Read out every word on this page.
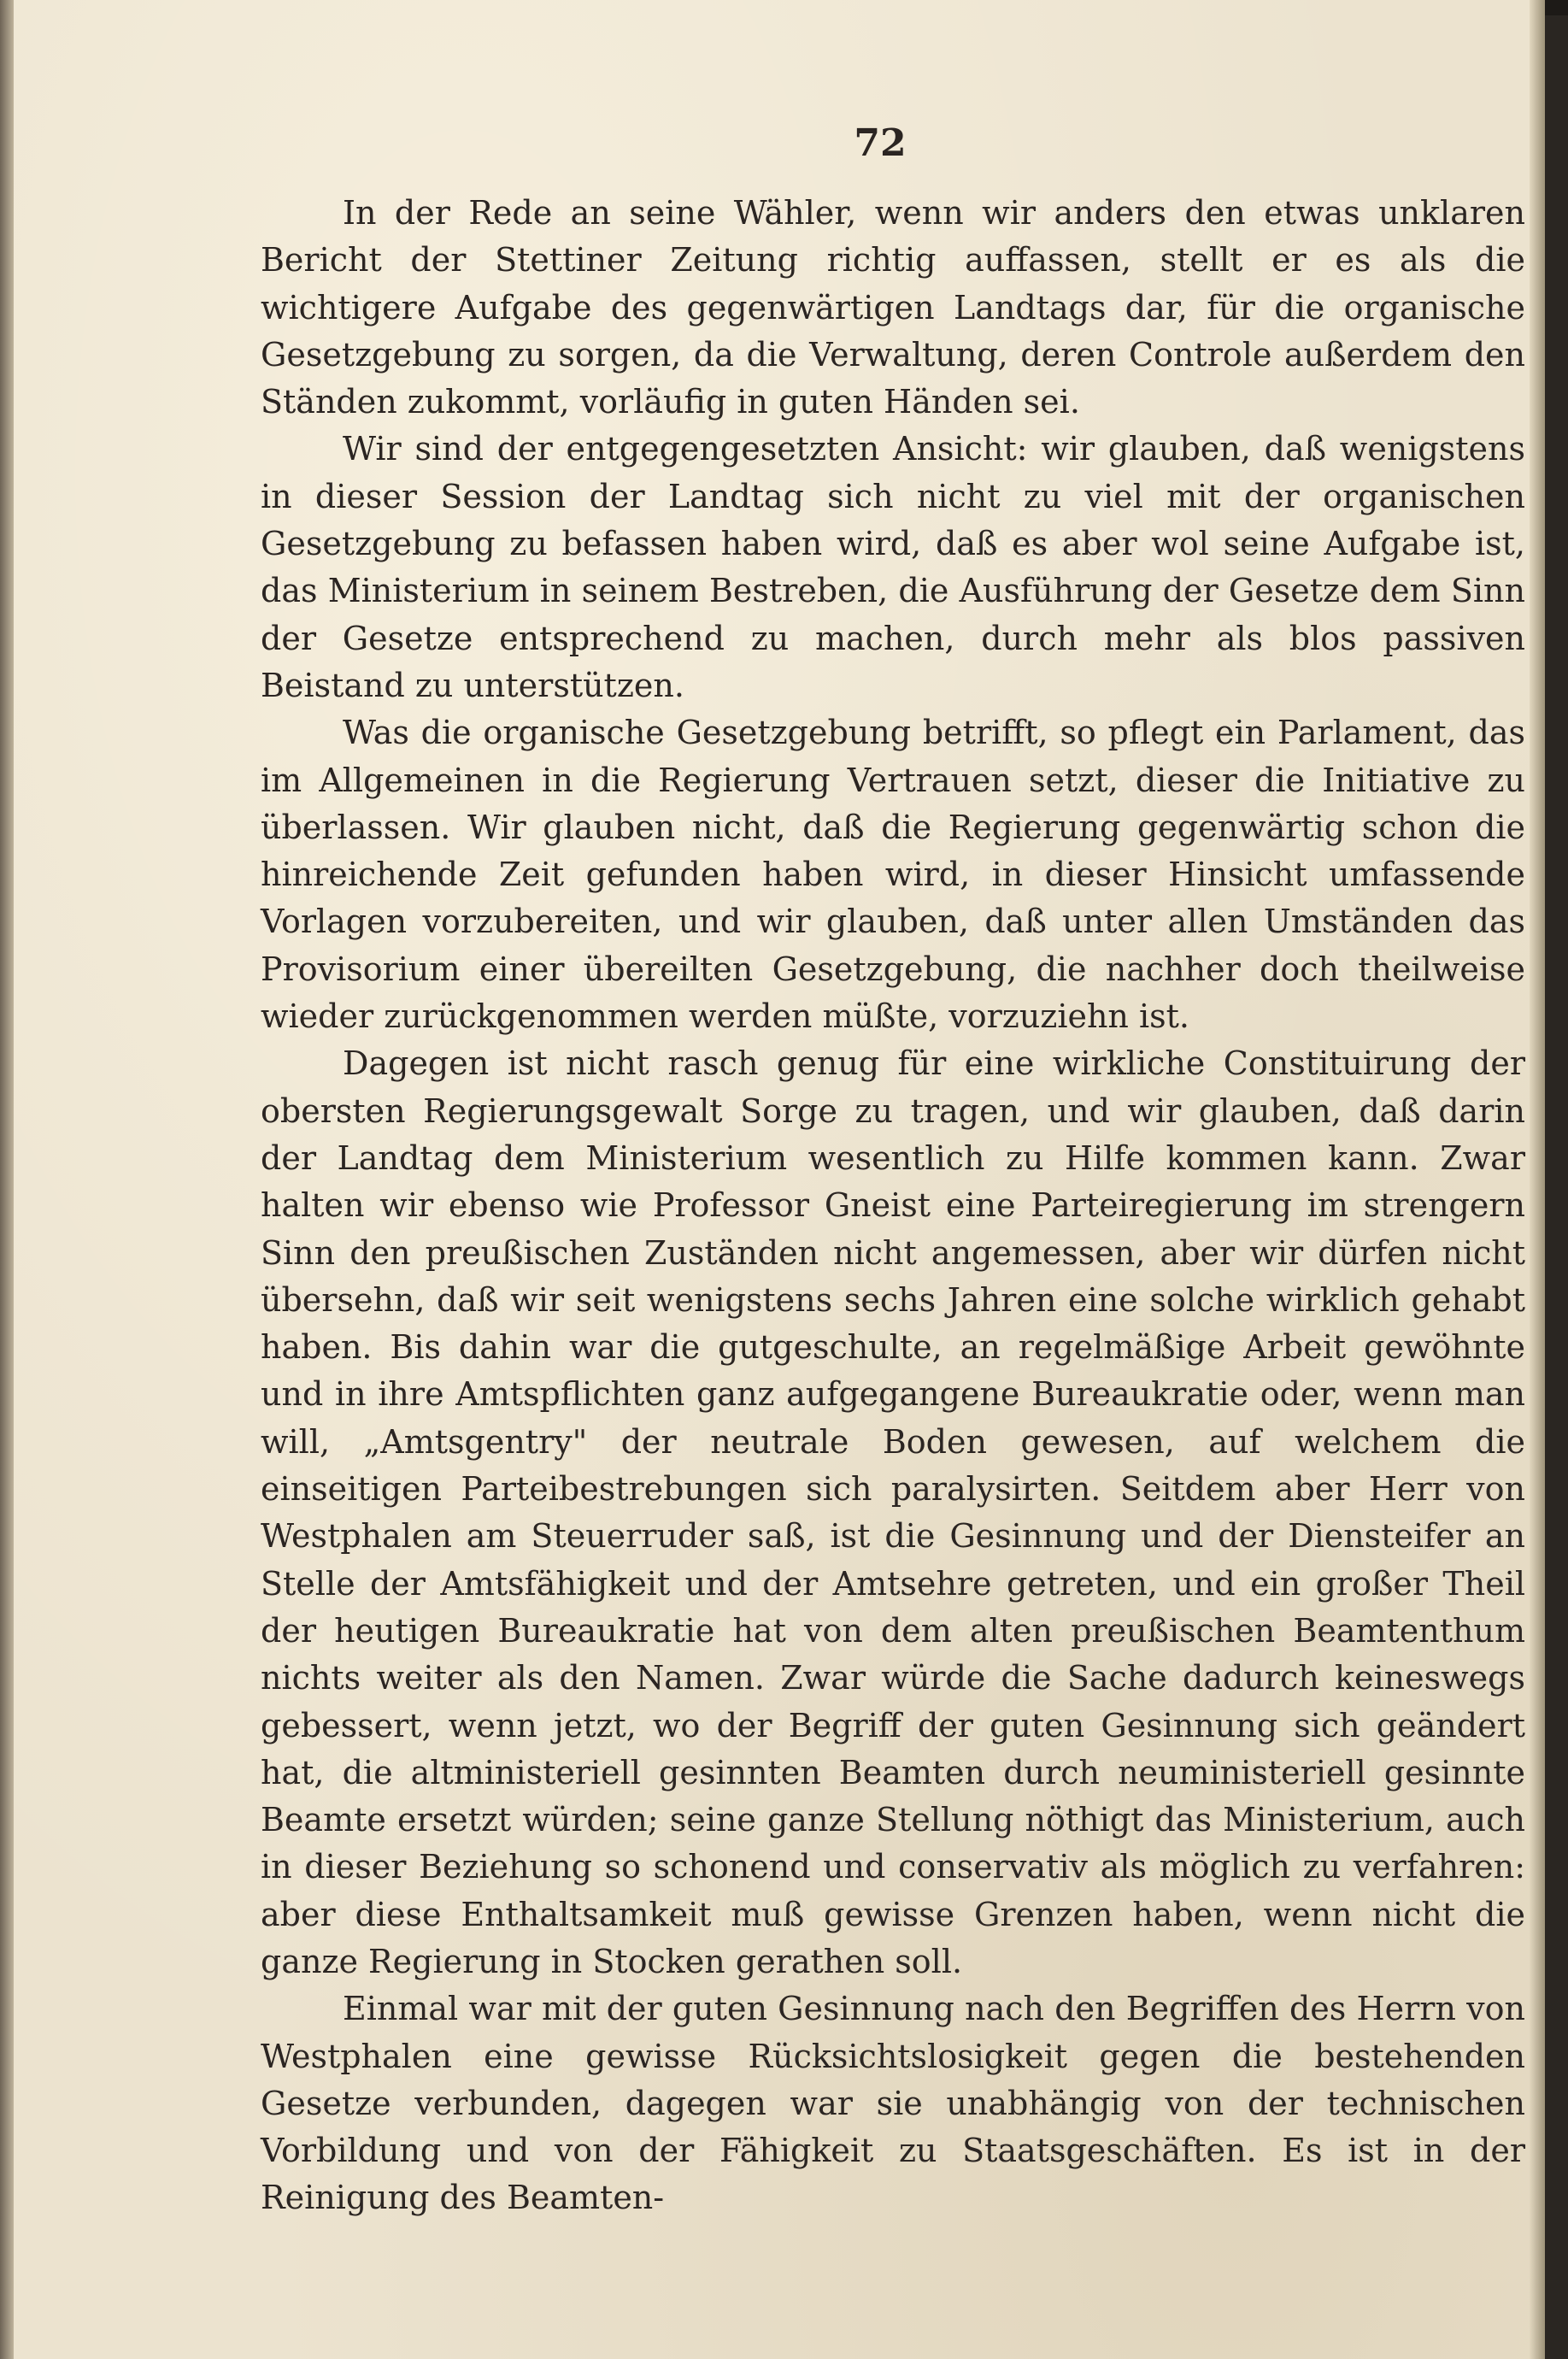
72

In der Rede an seine Wähler, wenn wir anders den etwas unklaren Bericht der Stettiner Zeitung richtig auffassen, stellt er es als die wichtigere Aufgabe des gegenwärtigen Landtags dar, für die organische Gesetzgebung zu sorgen, da die Verwaltung, deren Controle außerdem den Ständen zukommt, vorläufig in guten Händen sei.

Wir sind der entgegengesetzten Ansicht: wir glauben, daß wenigstens in dieser Session der Landtag sich nicht zu viel mit der organischen Gesetzgebung zu befassen haben wird, daß es aber wol seine Aufgabe ist, das Ministerium in seinem Bestreben, die Ausführung der Gesetze dem Sinn der Gesetze entsprechend zu machen, durch mehr als blos passiven Beistand zu unterstützen.

Was die organische Gesetzgebung betrifft, so pflegt ein Parlament, das im Allgemeinen in die Regierung Vertrauen setzt, dieser die Initiative zu überlassen. Wir glauben nicht, daß die Regierung gegenwärtig schon die hinreichende Zeit gefunden haben wird, in dieser Hinsicht umfassende Vorlagen vorzubereiten, und wir glauben, daß unter allen Umständen das Provisorium einer übereilten Gesetzgebung, die nachher doch theilweise wieder zurückgenommen werden müßte, vorzuziehn ist.

Dagegen ist nicht rasch genug für eine wirkliche Constituirung der obersten Regierungsgewalt Sorge zu tragen, und wir glauben, daß darin der Landtag dem Ministerium wesentlich zu Hilfe kommen kann. Zwar halten wir ebenso wie Professor Gneist eine Parteiregierung im strengern Sinn den preußischen Zuständen nicht angemessen, aber wir dürfen nicht übersehn, daß wir seit wenigstens sechs Jahren eine solche wirklich gehabt haben. Bis dahin war die gutgeschulte, an regelmäßige Arbeit gewöhnte und in ihre Amtspflichten ganz aufgegangene Bureaukratie oder, wenn man will, „Amtsgentry" der neutrale Boden gewesen, auf welchem die einseitigen Parteibestrebungen sich paralysirten. Seitdem aber Herr von Westphalen am Steuerruder saß, ist die Gesinnung und der Diensteifer an Stelle der Amtsfähigkeit und der Amtsehre getreten, und ein großer Theil der heutigen Bureaukratie hat von dem alten preußischen Beamtenthum nichts weiter als den Namen. Zwar würde die Sache dadurch keineswegs gebessert, wenn jetzt, wo der Begriff der guten Gesinnung sich geändert hat, die altministeriell gesinnten Beamten durch neuministeriell gesinnte Beamte ersetzt würden; seine ganze Stellung nöthigt das Ministerium, auch in dieser Beziehung so schonend und conservativ als möglich zu verfahren: aber diese Enthaltsamkeit muß gewisse Grenzen haben, wenn nicht die ganze Regierung in Stocken gerathen soll.

Einmal war mit der guten Gesinnung nach den Begriffen des Herrn von Westphalen eine gewisse Rücksichtslosigkeit gegen die bestehenden Gesetze verbunden, dagegen war sie unabhängig von der technischen Vorbildung und von der Fähigkeit zu Staatsgeschäften. Es ist in der Reinigung des Beamten-
